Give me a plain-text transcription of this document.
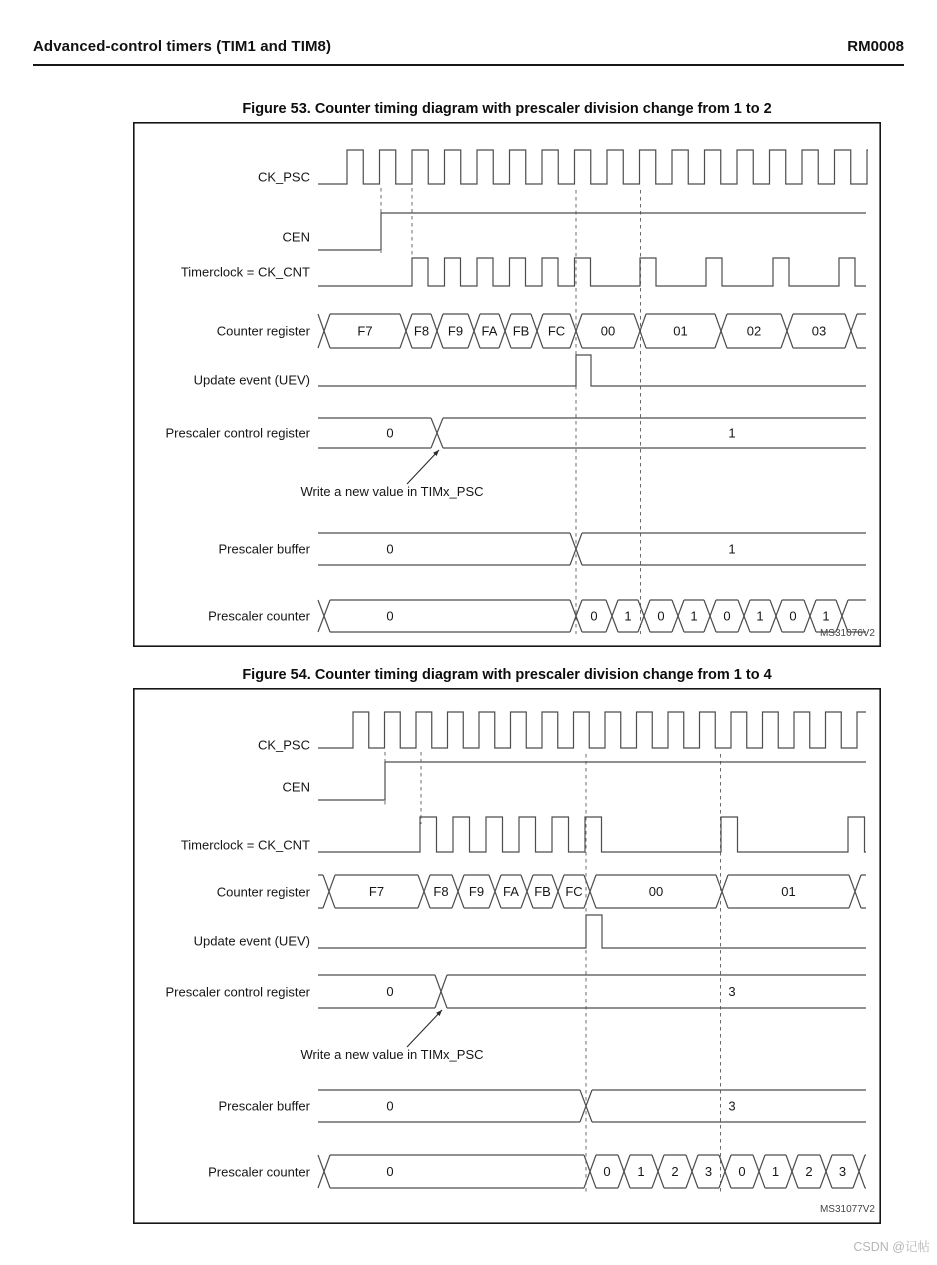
Advanced-control timers (TIM1 and TIM8)	RM0008
Figure 53. Counter timing diagram with prescaler division change from 1 to 2
Figure 54. Counter timing diagram with prescaler division change from 1 to 4
F7	F8 F9 FA FB FC	00	01	02	03
0	1
0	1
0	0 1 0 1 0 1 0 1
CK_PSC
CEN
Timerclock = CK_CNT
Counter register
Update event (UEV)
Prescaler control register
Prescaler buffer
Prescaler counter
Write a new value in TIMx_PSC
MS31076V2
F7	F8 F9 FA FB FC	00	01
0	3
0	3
0	0 1 2 3 0 1 2 3
CK_PSC
CEN
Timerclock = CK_CNT
Counter register
Update event (UEV)
Prescaler control register
Prescaler buffer
Prescaler counter
Write a new value in TIMx_PSC
MS31077V2
CSDN @记帖
